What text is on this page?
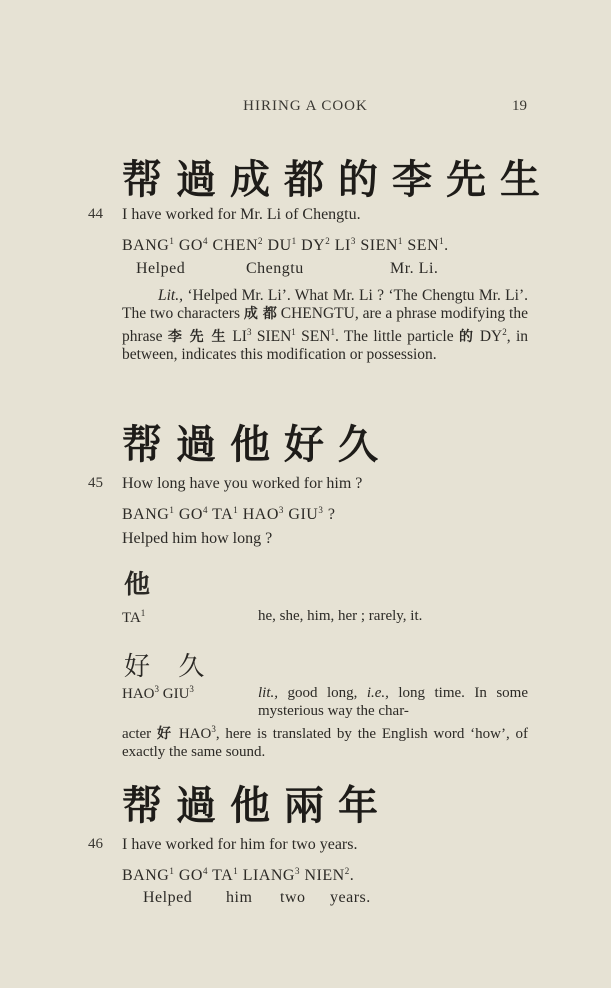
HIRING A COOK	19
帮過成都的李先生
44 I have worked for Mr. Li of Chengtu.
BANG$^1$ $GO^4$ CHEN$^2$ $DU^1$ $DY^2$ $LI^3$ SIEN$^1$ SEN$^1$.
Helped	Chengtu	Mr. Li.
Lit., ‘Helped Mr. Li’. What Mr. Li ? ‘The Chengtu Mr. Li’. The two characters 成 都 CHENGTU, are a phrase modifying the phrase 李 先 生 $LI^3$ SIEN$^1$ SEN$^1$. The little particle 的 $DY^2$, in between, indicates this modification or possession.
帮過他好久
45 How long have you worked for him ?
BANG$^1$ $GO^4$ $TA^1$ HAO$^3$ GIU$^3$ ?
Helped him how long ?
他
$TA^1$	he, she, him, her ; rarely, it.
好 久
HAO$^3$ GIU$^3$	lit., good long, i.e., long time. In some mysterious way the char-
acter 好 HAO$^3$, here is translated by the English word ‘how’, of exactly the same sound.
帮過他兩年
46 I have worked for him for two years.
BANG$^1$ $GO^4$ $TA^1$ LIANG$^3$ NIEN$^2$.
Helped him two years.
